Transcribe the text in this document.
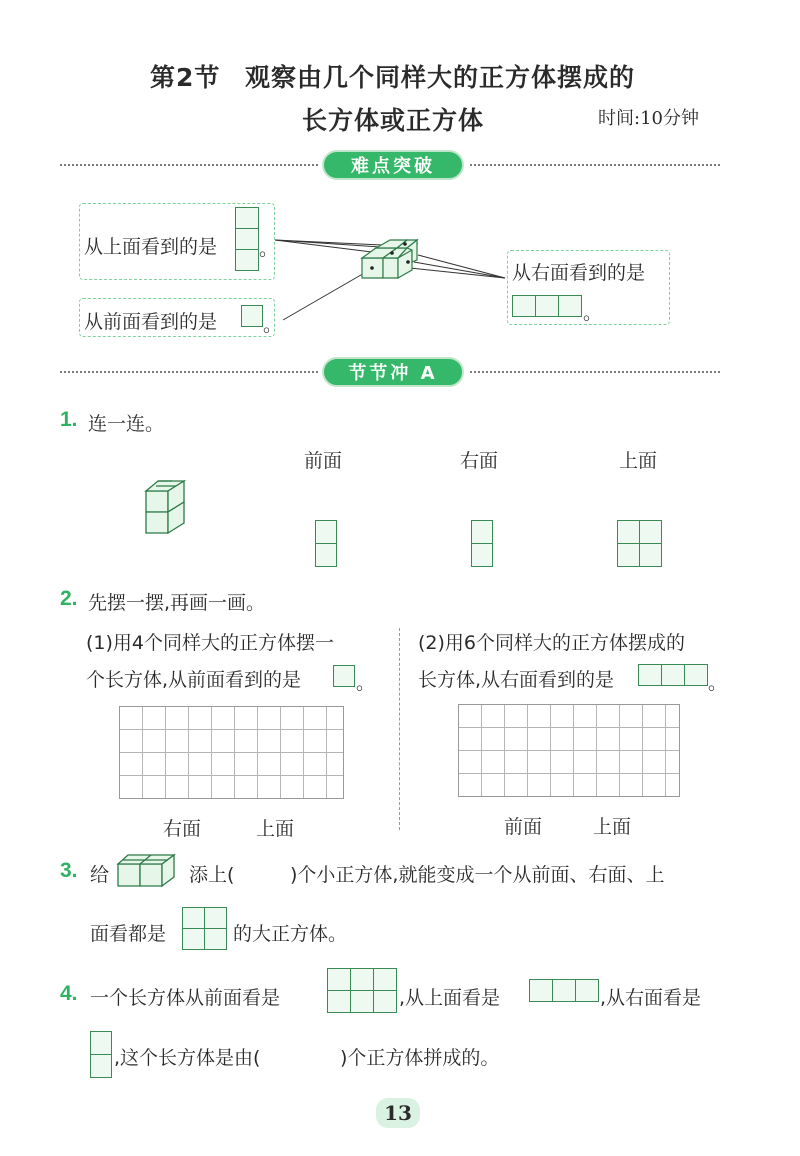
第2节 观察由几个同样大的正方体摆成的
长方体或正方体	时间:10分钟
难点突破
从上面看到的是 。
从前面看到的是 。
从右面看到的是
。
节节冲 A
1. 连一连。
前面	右面	上面
2. 先摆一摆,再画一画。
(1)用4个同样大的正方体摆一
个长方体,从前面看到的是	。
右面	上面
(2)用6个同样大的正方体摆成的
长方体,从右面看到的是	。
前面	上面
3. 给	添上(	)个小正方体,就能变成一个从前面、右面、上
面看都是	的大正方体。
4. 一个长方体从前面看是	,从上面看是	,从右面看是
,这个长方体是由(	)个正方体拼成的。
13
